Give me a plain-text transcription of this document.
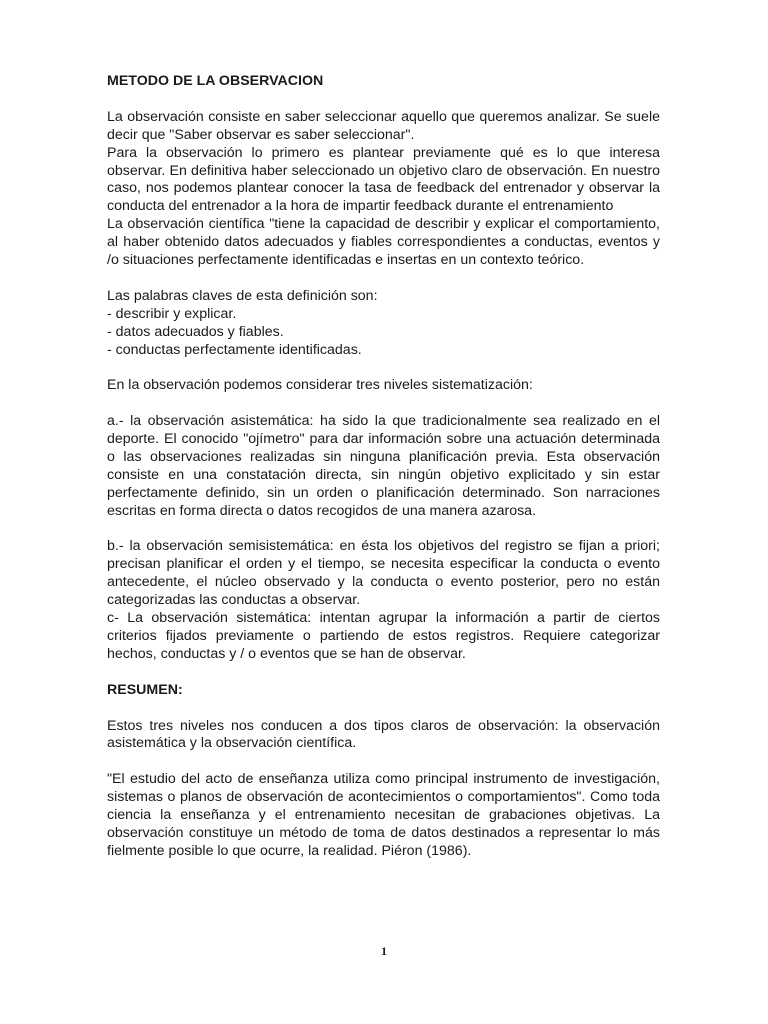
METODO DE LA OBSERVACION

La observación consiste en saber seleccionar aquello que queremos analizar. Se suele decir que "Saber observar es saber seleccionar".

Para la observación lo primero es plantear previamente qué es lo que interesa observar. En definitiva haber seleccionado un objetivo claro de observación. En nuestro caso, nos podemos plantear conocer la tasa de feedback del entrenador y observar la conducta del entrenador a la hora de impartir feedback durante el entrenamiento

La observación científica "tiene la capacidad de describir y explicar el comportamiento, al haber obtenido datos adecuados y fiables correspondientes a conductas, eventos y /o situaciones perfectamente identificadas e insertas en un contexto teórico.

Las palabras claves de esta definición son:

- describir y explicar.

- datos adecuados y fiables.

- conductas perfectamente identificadas.

En la observación podemos considerar tres niveles sistematización:

a.- la observación asistemática: ha sido la que tradicionalmente sea realizado en el deporte. El conocido "ojímetro" para dar información sobre una actuación determinada o las observaciones realizadas sin ninguna planificación previa. Esta observación consiste en una constatación directa, sin ningún objetivo explicitado y sin estar perfectamente definido, sin un orden o planificación determinado. Son narraciones escritas en forma directa o datos recogidos de una manera azarosa.

b.- la observación semisistemática: en ésta los objetivos del registro se fijan a priori; precisan planificar el orden y el tiempo, se necesita especificar la conducta o evento antecedente, el núcleo observado y la conducta o evento posterior, pero no están categorizadas las conductas a observar.

c- La observación sistemática: intentan agrupar la información a partir de ciertos criterios fijados previamente o partiendo de estos registros. Requiere categorizar hechos, conductas y / o eventos que se han de observar.

RESUMEN:

Estos tres niveles nos conducen a dos tipos claros de observación: la observación asistemática y la observación científica.

"El estudio del acto de enseñanza utiliza como principal instrumento de investigación, sistemas o planos de observación de acontecimientos o comportamientos". Como toda ciencia la enseñanza y el entrenamiento necesitan de grabaciones objetivas. La observación constituye un método de toma de datos destinados a representar lo más fielmente posible lo que ocurre, la realidad. Piéron (1986).

1
